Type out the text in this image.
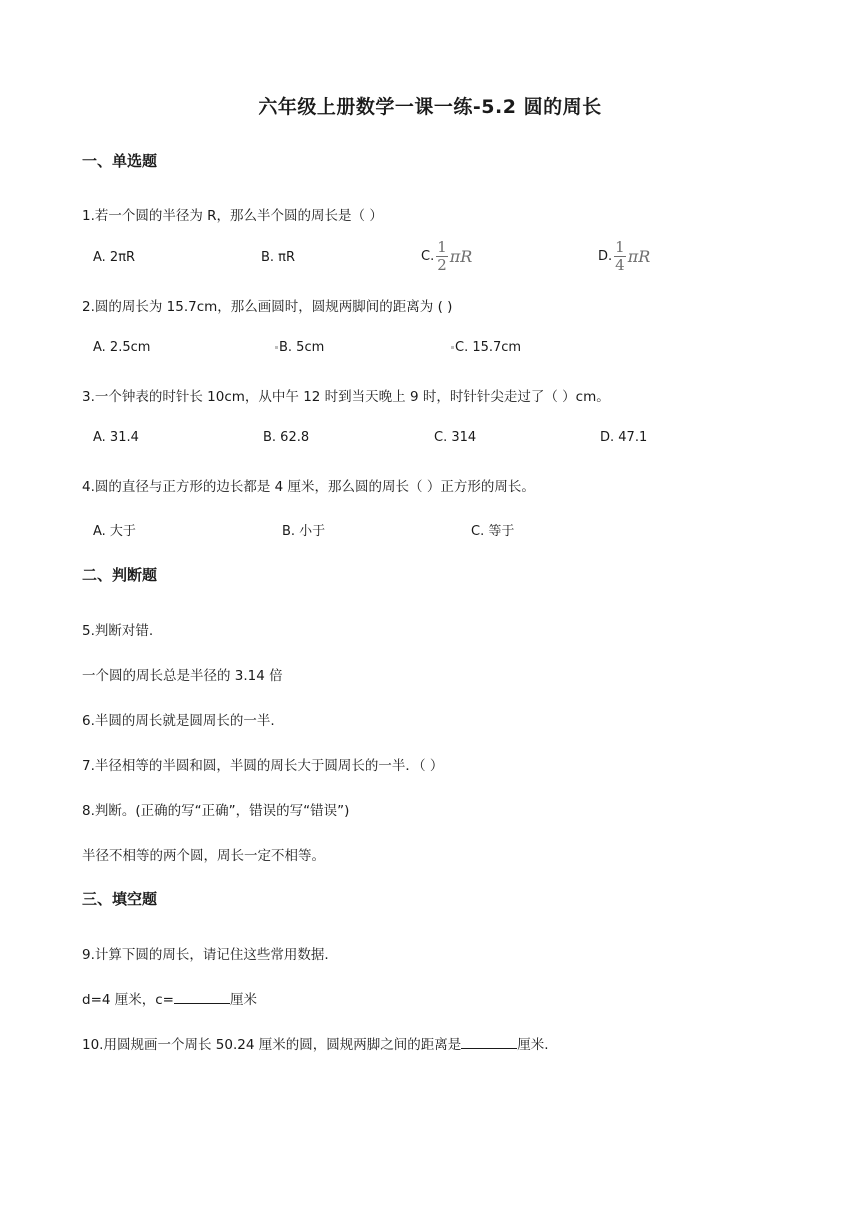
六年级上册数学一课一练-5.2 圆的周长
一、单选题
1.若一个圆的半径为 R，那么半个圆的周长是（ ）
A. 2πR	B. πR	C. $\frac{1}{2}$ πR	D. $\frac{1}{4}$ πR
2.圆的周长为 15.7cm，那么画圆时，圆规两脚间的距离为 ( )
A. 2.5cm	B. 5cm	C. 15.7cm
3.一个钟表的时针长 10cm，从中午 12 时到当天晚上 9 时，时针针尖走过了（ ）cm。
A. 31.4	B. 62.8	C. 314	D. 47.1
4.圆的直径与正方形的边长都是 4 厘米，那么圆的周长（ ）正方形的周长。
A. 大于	B. 小于	C. 等于
二、判断题
5.判断对错.
一个圆的周长总是半径的 3.14 倍
6.半圆的周长就是圆周长的一半.
7.半径相等的半圆和圆，半圆的周长大于圆周长的一半．（ ）
8.判断。(正确的写“正确”，错误的写“错误”)
半径不相等的两个圆，周长一定不相等。
三、填空题
9.计算下圆的周长，请记住这些常用数据.
d=4 厘米，c=	厘米
10.用圆规画一个周长 50.24 厘米的圆，圆规两脚之间的距离是	厘米.
